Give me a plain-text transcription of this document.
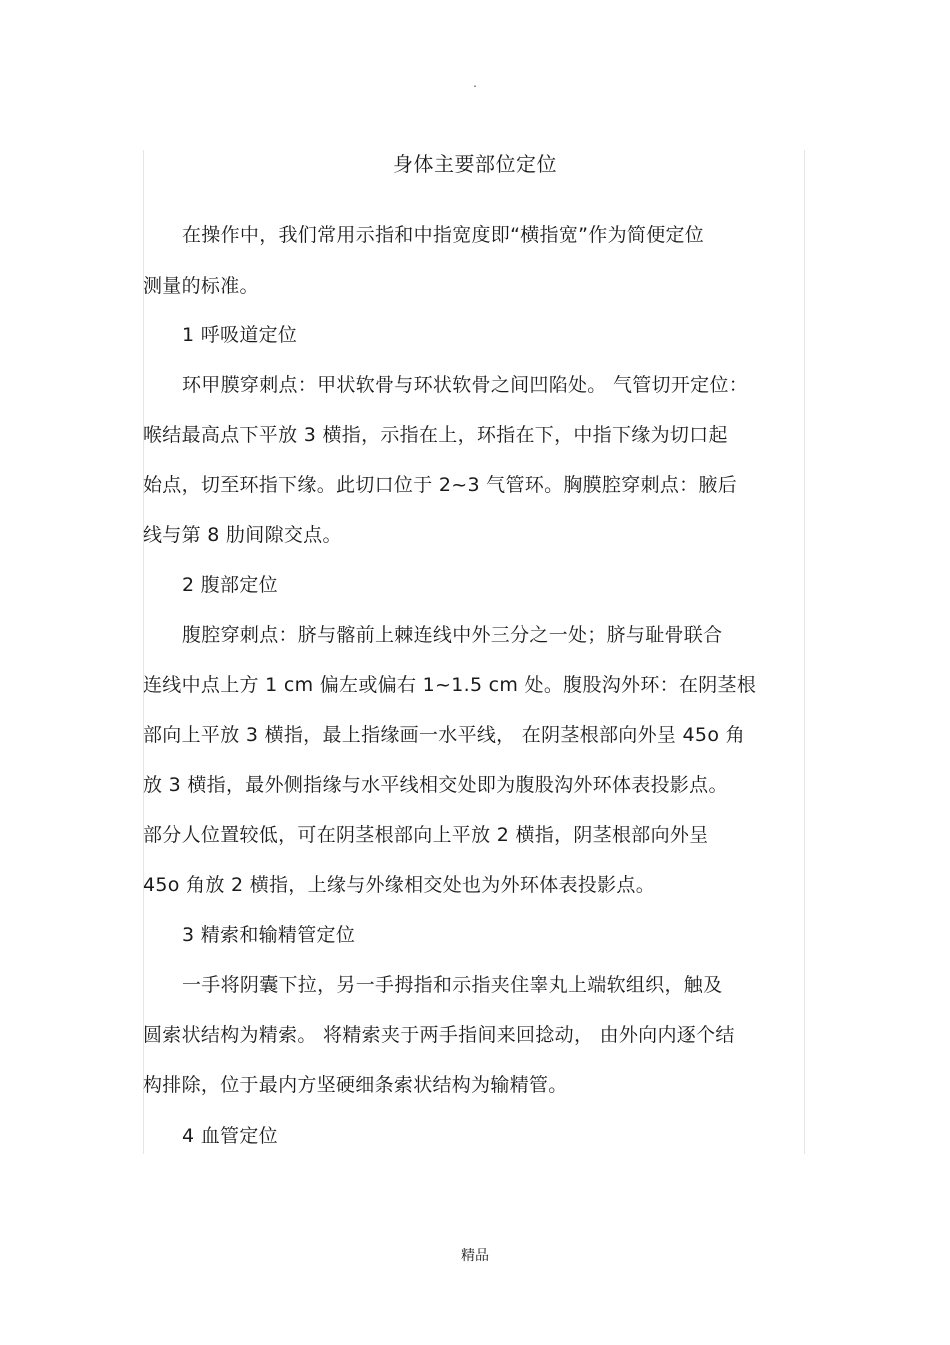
.
身体主要部位定位
在操作中，我们常用示指和中指宽度即“横指宽”作为简便定位
测量的标准。
1 呼吸道定位
环甲膜穿刺点：甲状软骨与环状软骨之间凹陷处。 气管切开定位：
喉结最高点下平放 3 横指，示指在上，环指在下，中指下缘为切口起
始点，切至环指下缘。此切口位于 2~3 气管环。胸膜腔穿刺点：腋后
线与第 8 肋间隙交点。
2 腹部定位
腹腔穿刺点：脐与髂前上棘连线中外三分之一处；脐与耻骨联合
连线中点上方 1 cm 偏左或偏右 1~1.5 cm 处。腹股沟外环：在阴茎根
部向上平放 3 横指，最上指缘画一水平线， 在阴茎根部向外呈 45o 角
放 3 横指，最外侧指缘与水平线相交处即为腹股沟外环体表投影点。
部分人位置较低，可在阴茎根部向上平放 2 横指，阴茎根部向外呈
45o 角放 2 横指，上缘与外缘相交处也为外环体表投影点。
3 精索和输精管定位
一手将阴囊下拉，另一手拇指和示指夹住睾丸上端软组织，触及
圆索状结构为精索。 将精索夹于两手指间来回捻动， 由外向内逐个结
构排除，位于最内方坚硬细条索状结构为输精管。
4 血管定位
精品
